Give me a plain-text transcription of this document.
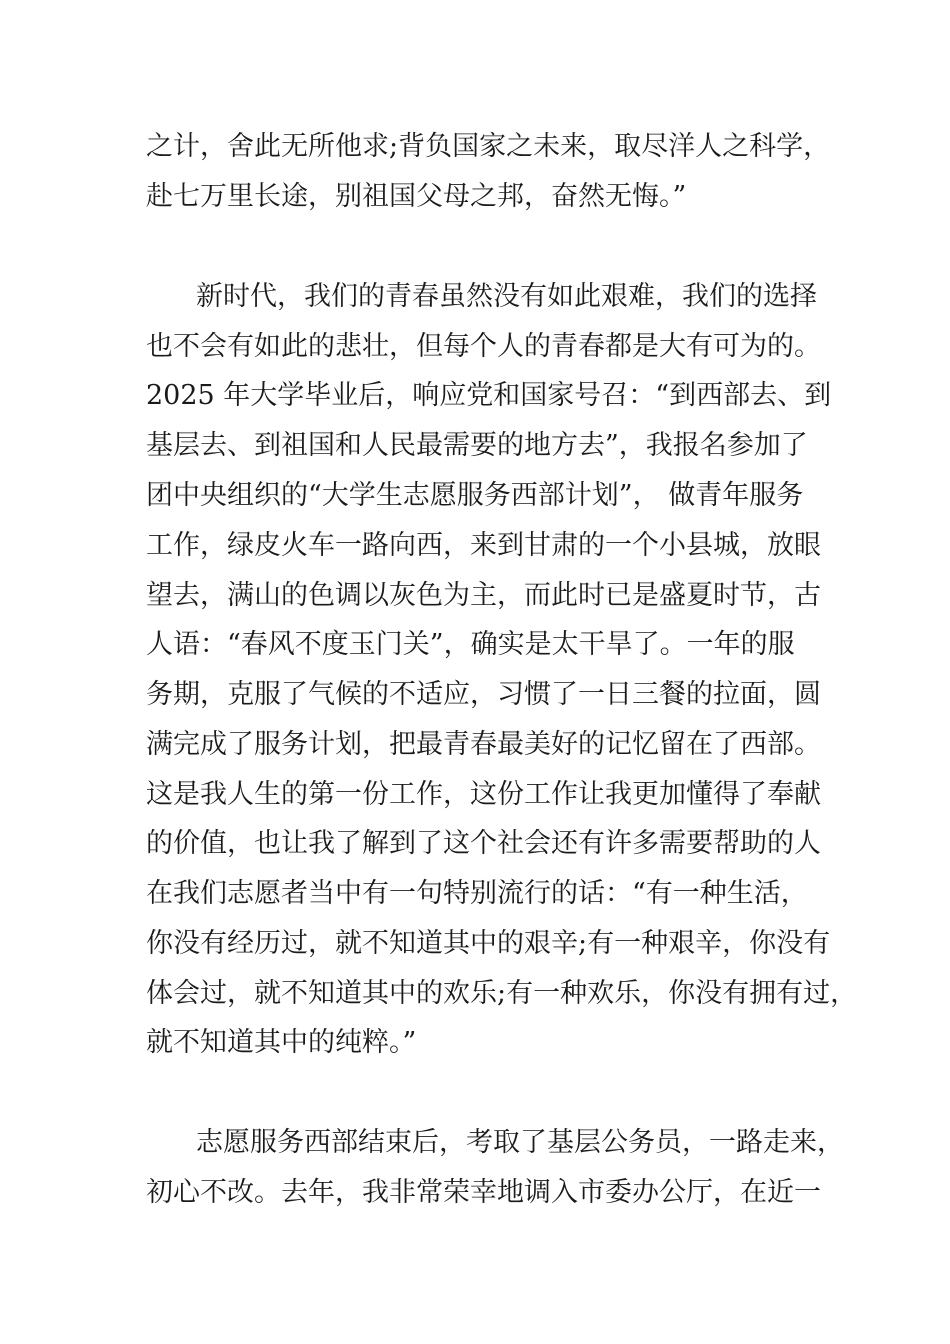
之计，舍此无所他求;背负国家之未来，取尽洋人之科学，

赴七万里长途，别祖国父母之邦，奋然无悔。”

新时代，我们的青春虽然没有如此艰难，我们的选择

也不会有如此的悲壮，但每个人的青春都是大有可为的。

2025 年大学毕业后，响应党和国家号召：“到西部去、到

基层去、到祖国和人民最需要的地方去”，我报名参加了

团中央组织的“大学生志愿服务西部计划”， 做青年服务

工作，绿皮火车一路向西，来到甘肃的一个小县城，放眼

望去，满山的色调以灰色为主，而此时已是盛夏时节，古

人语：“春风不度玉门关”，确实是太干旱了。一年的服

务期，克服了气候的不适应，习惯了一日三餐的拉面，圆

满完成了服务计划，把最青春最美好的记忆留在了西部。

这是我人生的第一份工作，这份工作让我更加懂得了奉献

的价值，也让我了解到了这个社会还有许多需要帮助的人

在我们志愿者当中有一句特别流行的话：“有一种生活，

你没有经历过，就不知道其中的艰辛;有一种艰辛，你没有

体会过，就不知道其中的欢乐;有一种欢乐，你没有拥有过，

就不知道其中的纯粹。”

志愿服务西部结束后，考取了基层公务员，一路走来，

初心不改。去年，我非常荣幸地调入市委办公厅，在近一
